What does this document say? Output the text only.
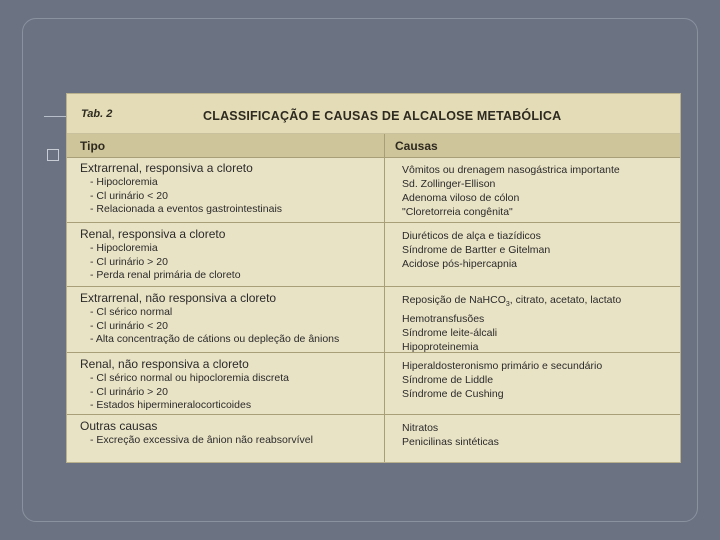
Tab. 2	CLASSIFICAÇÃO E CAUSAS DE ALCALOSE METABÓLICA
Tipo	Causas
Extrarrenal, responsiva a cloreto
- Hipocloremia
- Cl urinário < 20
- Relacionada a eventos gastrointestinais
Vômitos ou drenagem nasogástrica importante
Sd. Zollinger-Ellison
Adenoma viloso de cólon
"Cloretorreia congênita"
Renal, responsiva a cloreto
- Hipocloremia
- Cl urinário > 20
- Perda renal primária de cloreto
Diuréticos de alça e tiazídicos
Síndrome de Bartter e Gitelman
Acidose pós-hipercapnia
Extrarrenal, não responsiva a cloreto
- Cl sérico normal
- Cl urinário < 20
- Alta concentração de cátions ou depleção de ânions
Reposição de NaHCO$_3$, citrato, acetato, lactato
Hemotransfusões
Síndrome leite-álcali
Hipoproteinemia
Renal, não responsiva a cloreto
- Cl sérico normal ou hipocloremia discreta
- Cl urinário > 20
- Estados hipermineralocorticoides
Hiperaldosteronismo primário e secundário
Síndrome de Liddle
Síndrome de Cushing
Outras causas
- Excreção excessiva de ânion não reabsorvível
Nitratos
Penicilinas sintéticas
